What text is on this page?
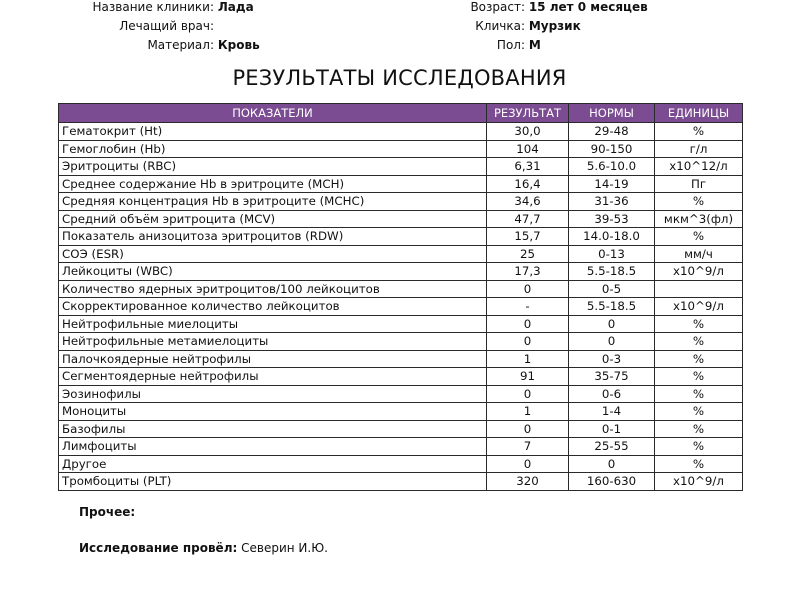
Название клиники: Лада
Лечащий врач:
Материал: Кровь
Возраст: 15 лет 0 месяцев
Кличка: Мурзик
Пол: М
РЕЗУЛЬТАТЫ ИССЛЕДОВАНИЯ
ПОКАЗАТЕЛИ	РЕЗУЛЬТАТ	НОРМЫ	ЕДИНИЦЫ
Гематокрит (Ht)	30,0	29-48	%
Гемоглобин (Hb)	104	90-150	г/л
Эритроциты (RBC)	6,31	5.6-10.0	х10^12/л
Среднее содержание Hb в эритроците (MCH)	16,4	14-19	Пг
Средняя концентрация Hb в эритроците (MCHC)	34,6	31-36	%
Средний объём эритроцита (MCV)	47,7	39-53	мкм^3(фл)
Показатель анизоцитоза эритроцитов (RDW)	15,7	14.0-18.0	%
СОЭ (ESR)	25	0-13	мм/ч
Лейкоциты (WBC)	17,3	5.5-18.5	х10^9/л
Количество ядерных эритроцитов/100 лейкоцитов	0	0-5	
Скорректированное количество лейкоцитов	-	5.5-18.5	х10^9/л
Нейтрофильные миелоциты	0	0	%
Нейтрофильные метамиелоциты	0	0	%
Палочкоядерные нейтрофилы	1	0-3	%
Сегментоядерные нейтрофилы	91	35-75	%
Эозинофилы	0	0-6	%
Моноциты	1	1-4	%
Базофилы	0	0-1	%
Лимфоциты	7	25-55	%
Другое	0	0	%
Тромбоциты (PLT)	320	160-630	х10^9/л
Прочее:
Исследование провёл: Северин И.Ю.
